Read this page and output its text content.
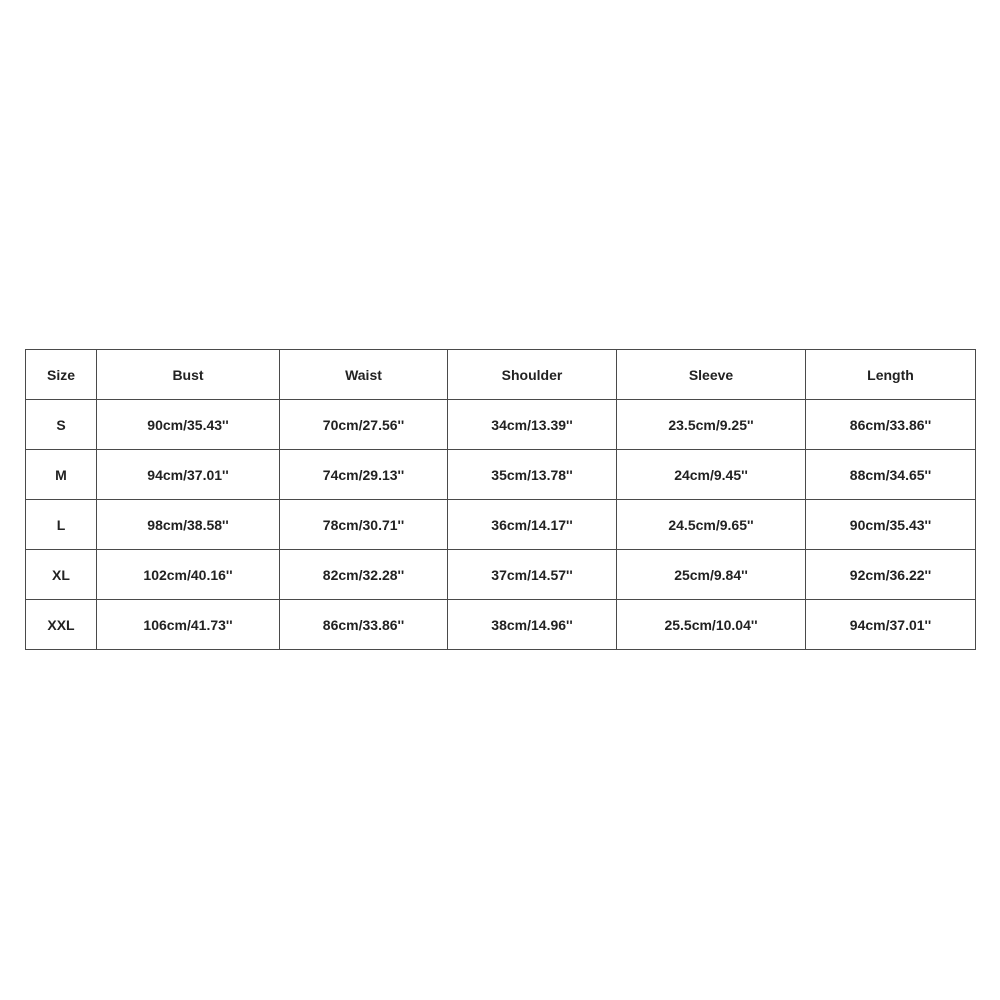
Size	Bust	Waist	Shoulder	Sleeve	Length
S	90cm/35.43''	70cm/27.56''	34cm/13.39''	23.5cm/9.25''	86cm/33.86''
M	94cm/37.01''	74cm/29.13''	35cm/13.78''	24cm/9.45''	88cm/34.65''
L	98cm/38.58''	78cm/30.71''	36cm/14.17''	24.5cm/9.65''	90cm/35.43''
XL	102cm/40.16''	82cm/32.28''	37cm/14.57''	25cm/9.84''	92cm/36.22''
XXL	106cm/41.73''	86cm/33.86''	38cm/14.96''	25.5cm/10.04''	94cm/37.01''
